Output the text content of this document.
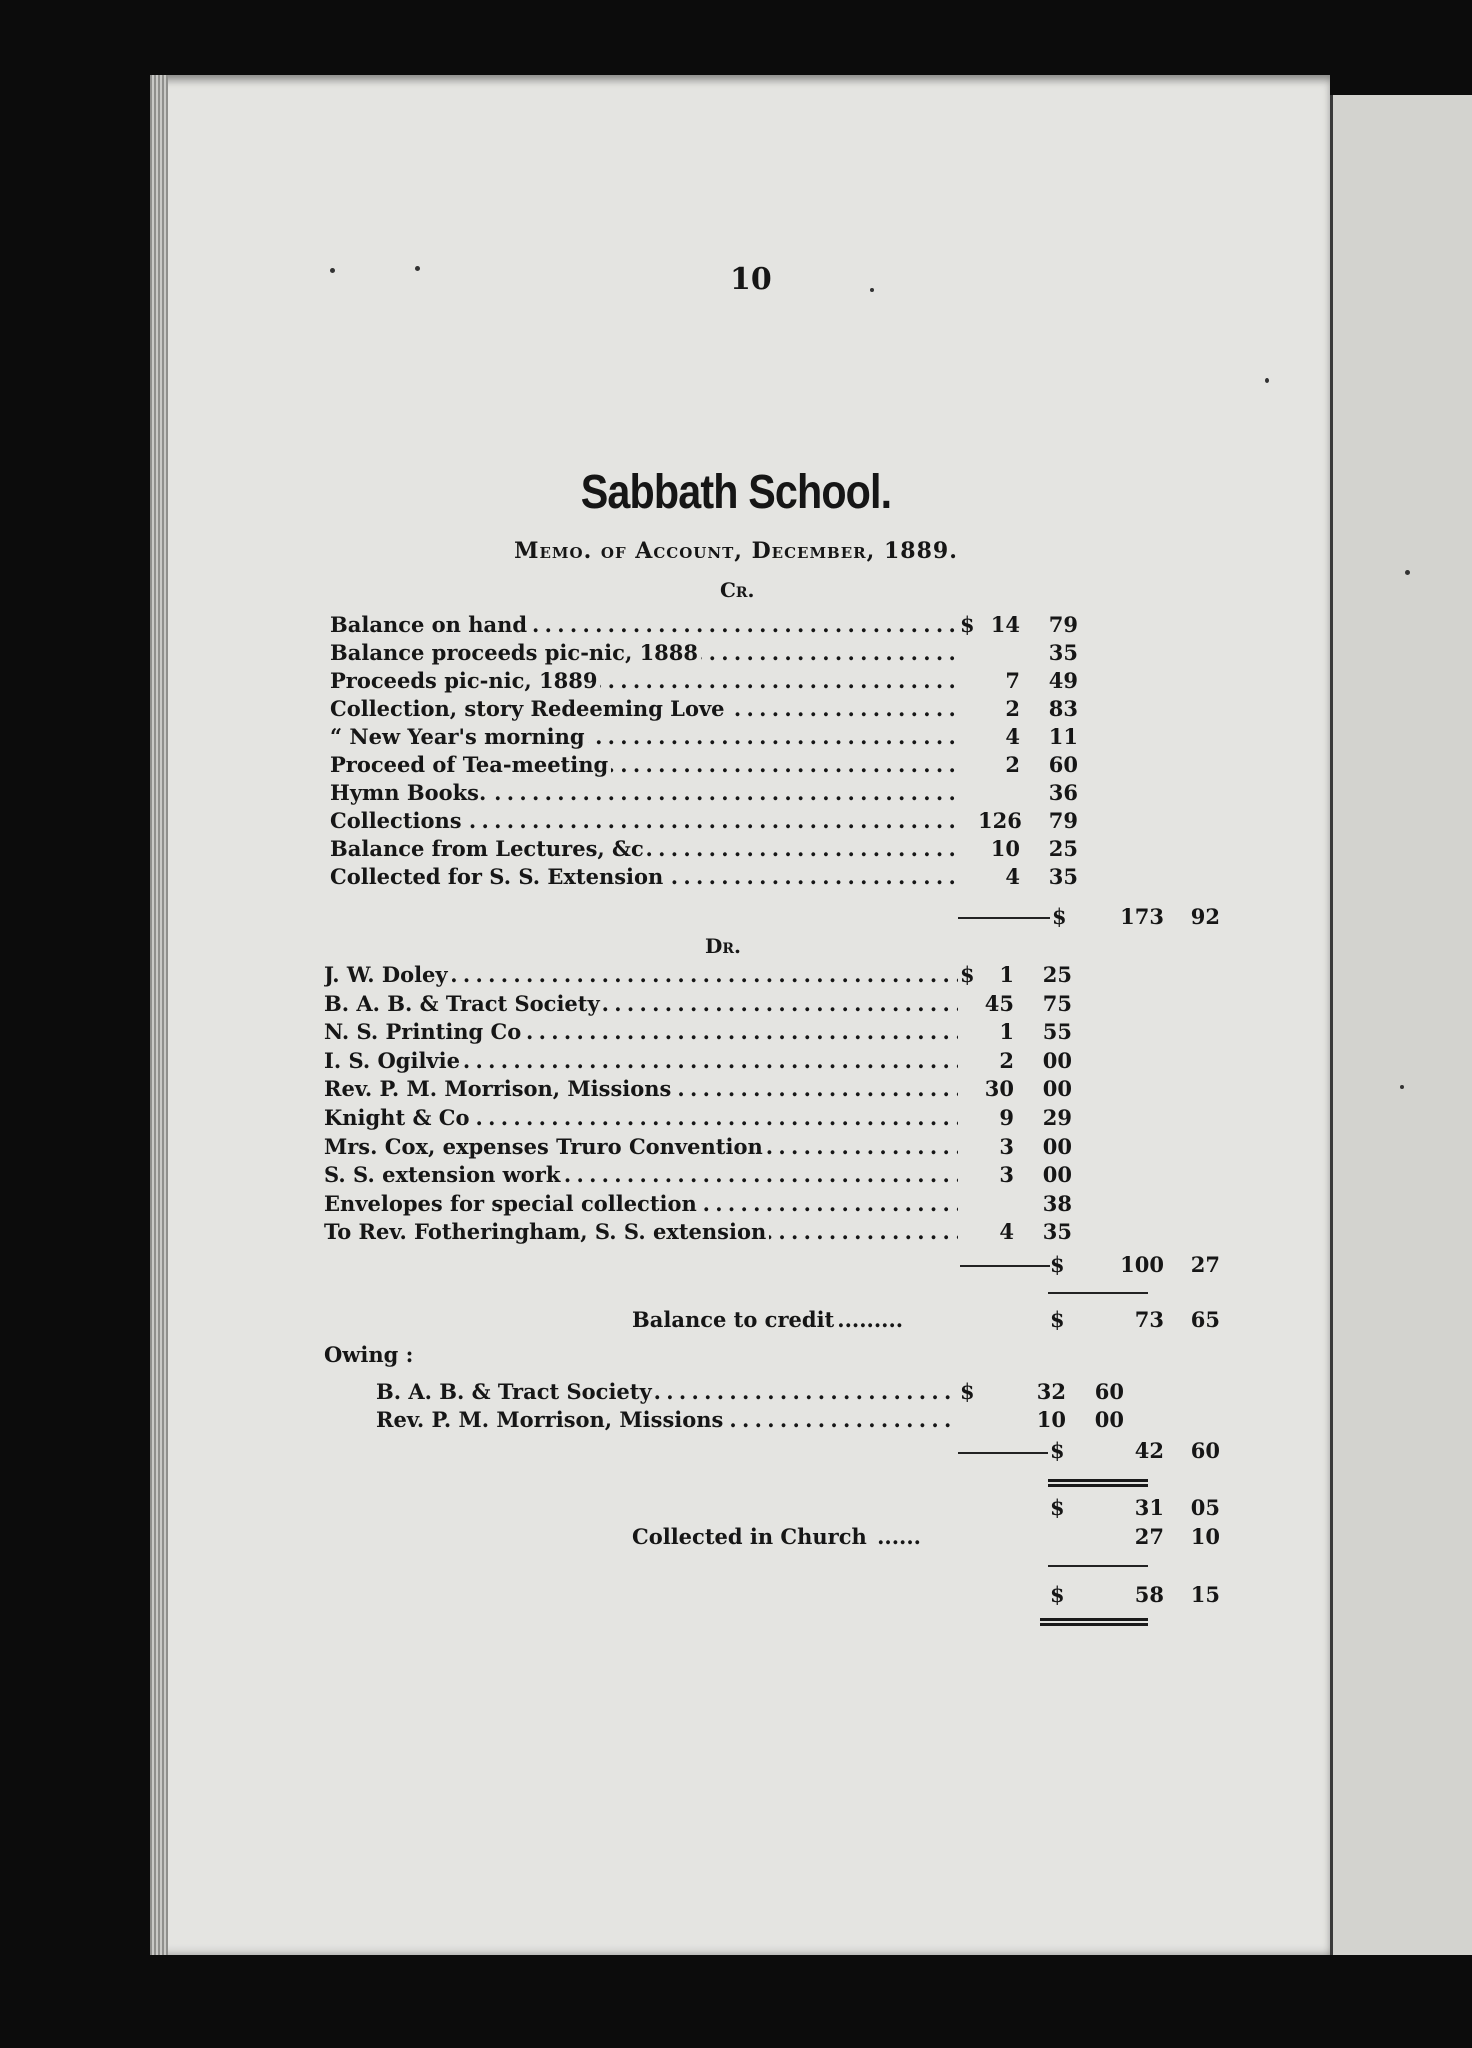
10
Sabbath School.
Memo. of Account, December, 1889.
Cr.
Balance on hand . . .	$ 14	79
Balance proceeds pic-nic, 1888 . . .	35
Proceeds pic-nic, 1889 . . .	7	49
Collection, story Redeeming Love . . .	2	83
“ New Year's morning . . .	4	11
Proceed of Tea-meeting . . .	2	60
Hymn Books. . . .	36
Collections . . .	126	79
Balance from Lectures, &c . . .	10	25
Collected for S. S. Extension . . .	4	35
$	173	92
Dr.
J. W. Doley . . .	$	1	25
B. A. B. & Tract Society . . .	45	75
N. S. Printing Co . . .	1	55
I. S. Ogilvie . . .	2	00
Rev. P. M. Morrison, Missions . . .	30	00
Knight & Co . . .	9	29
Mrs. Cox, expenses Truro Convention . . .	3	00
S. S. extension work . . .	3	00
Envelopes for special collection . . .	38
To Rev. Fotheringham, S. S. extension . . .	4	35
$	100	27
Balance to credit .........	$	73	65
Owing :
B. A. B. & Tract Society . . .	$	32	60
Rev. P. M. Morrison, Missions . . .	10	00
$	42	60
$	31	05
Collected in Church ......	27	10
$	58	15
